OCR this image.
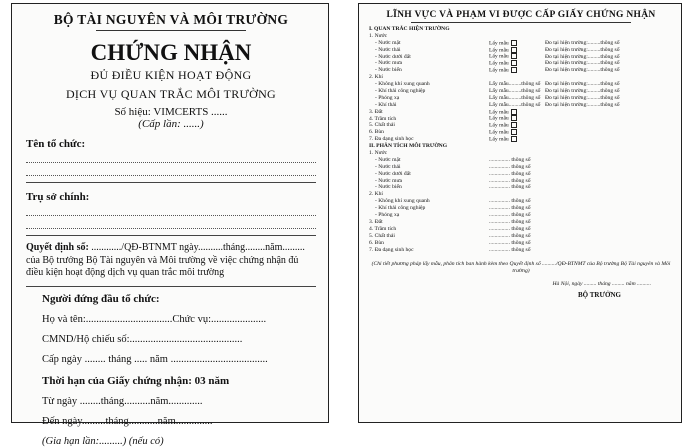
BỘ TÀI NGUYÊN VÀ MÔI TRƯỜNG
CHỨNG NHẬN
ĐỦ ĐIỀU KIỆN HOẠT ĐỘNG
DỊCH VỤ QUAN TRẮC MÔI TRƯỜNG
Số hiệu: VIMCERTS ......
(Cấp lần: ......)
Tên tổ chức:
Trụ sở chính:
Quyết định số: ............/QĐ-BTNMT ngày..........tháng........năm.........
của Bộ trưởng Bộ Tài nguyên và Môi trường về việc chứng nhận đủ điều kiện hoạt động dịch vụ quan trắc môi trường
Người đứng đầu tổ chức:
Họ và tên:.................................Chức vụ:.....................
CMND/Hộ chiếu số:...........................................
Cấp ngày ........ tháng ..... năm .....................................
Thời hạn của Giấy chứng nhận: 03 năm
Từ ngày ........tháng..........năm.............
Đến ngày.........tháng...........năm..............
(Gia hạn lần:.........) (nếu có)
LĨNH VỰC VÀ PHẠM VI ĐƯỢC CẤP GIẤY CHỨNG NHẬN
I. QUAN TRẮC HIỆN TRƯỜNG
1. Nước
- Nước mặt	Lấy mẫu	Đo tại hiện trường:.........thông số
- Nước thải	Lấy mẫu	Đo tại hiện trường:.........thông số
- Nước dưới đất	Lấy mẫu	Đo tại hiện trường:.........thông số
- Nước mưa	Lấy mẫu	Đo tại hiện trường:.........thông số
- Nước biển	Lấy mẫu	Đo tại hiện trường:.........thông số
2. Khí
- Không khí xung quanh	Lấy mẫu.........thông số Đo tại hiện trường:.........thông số
- Khí thải công nghiệp	Lấy mẫu.........thông số Đo tại hiện trường:.........thông số
- Phóng xạ	Lấy mẫu.........thông số Đo tại hiện trường:.........thông số
- Khí thải	Lấy mẫu.........thông số Đo tại hiện trường:.........thông số
3. Đất	Lấy mẫu
4. Trầm tích	Lấy mẫu
5. Chất thải	Lấy mẫu
6. Bùn	Lấy mẫu
7. Đa dạng sinh học	Lấy mẫu
II. PHÂN TÍCH MÔI TRƯỜNG
1. Nước
- Nước mặt	............... thông số
- Nước thải	............... thông số
- Nước dưới đất	............... thông số
- Nước mưa	............... thông số
- Nước biển	............... thông số
2. Khí
- Không khí xung quanh	............... thông số
- Khí thải công nghiệp	............... thông số
- Phóng xạ	............... thông số
3. Đất	............... thông số
4. Trầm tích	............... thông số
5. Chất thải	............... thông số
6. Bùn	............... thông số
7. Đa dạng sinh học	............... thông số
(Chi tiết phương pháp lấy mẫu, phân tích ban hành kèm theo Quyết định số ........../QĐ-BTNMT của Bộ trưởng Bộ Tài nguyên và Môi trường)
Hà Nội, ngày ......... tháng ......... năm ..........
BỘ TRƯỞNG
